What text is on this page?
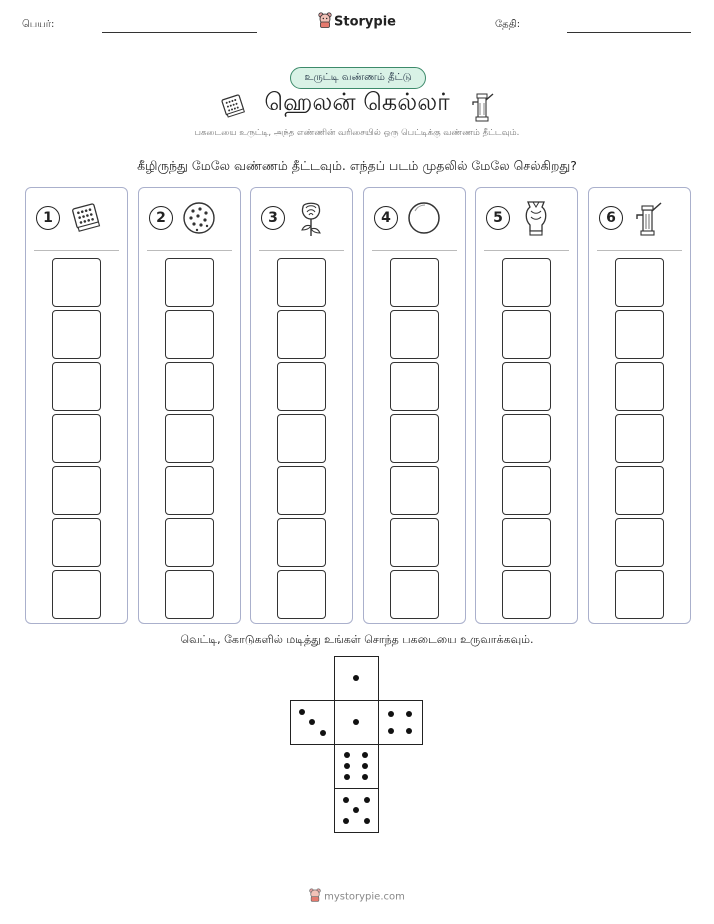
பெயர்:	Storypie	தேதி:
உருட்டி வண்ணம் தீட்டு
ஹெலன் கெல்லர்
பகடையை உருட்டி, அந்த எண்ணின் வரிசையில் ஒரு பெட்டிக்கு வண்ணம் தீட்டவும்.
கீழிருந்து மேலே வண்ணம் தீட்டவும். எந்தப் படம் முதலில் மேலே செல்கிறது?
1	2	3	4	5	6
வெட்டி, கோடுகளில் மடித்து உங்கள் சொந்த பகடையை உருவாக்கவும்.
mystorypie.com
